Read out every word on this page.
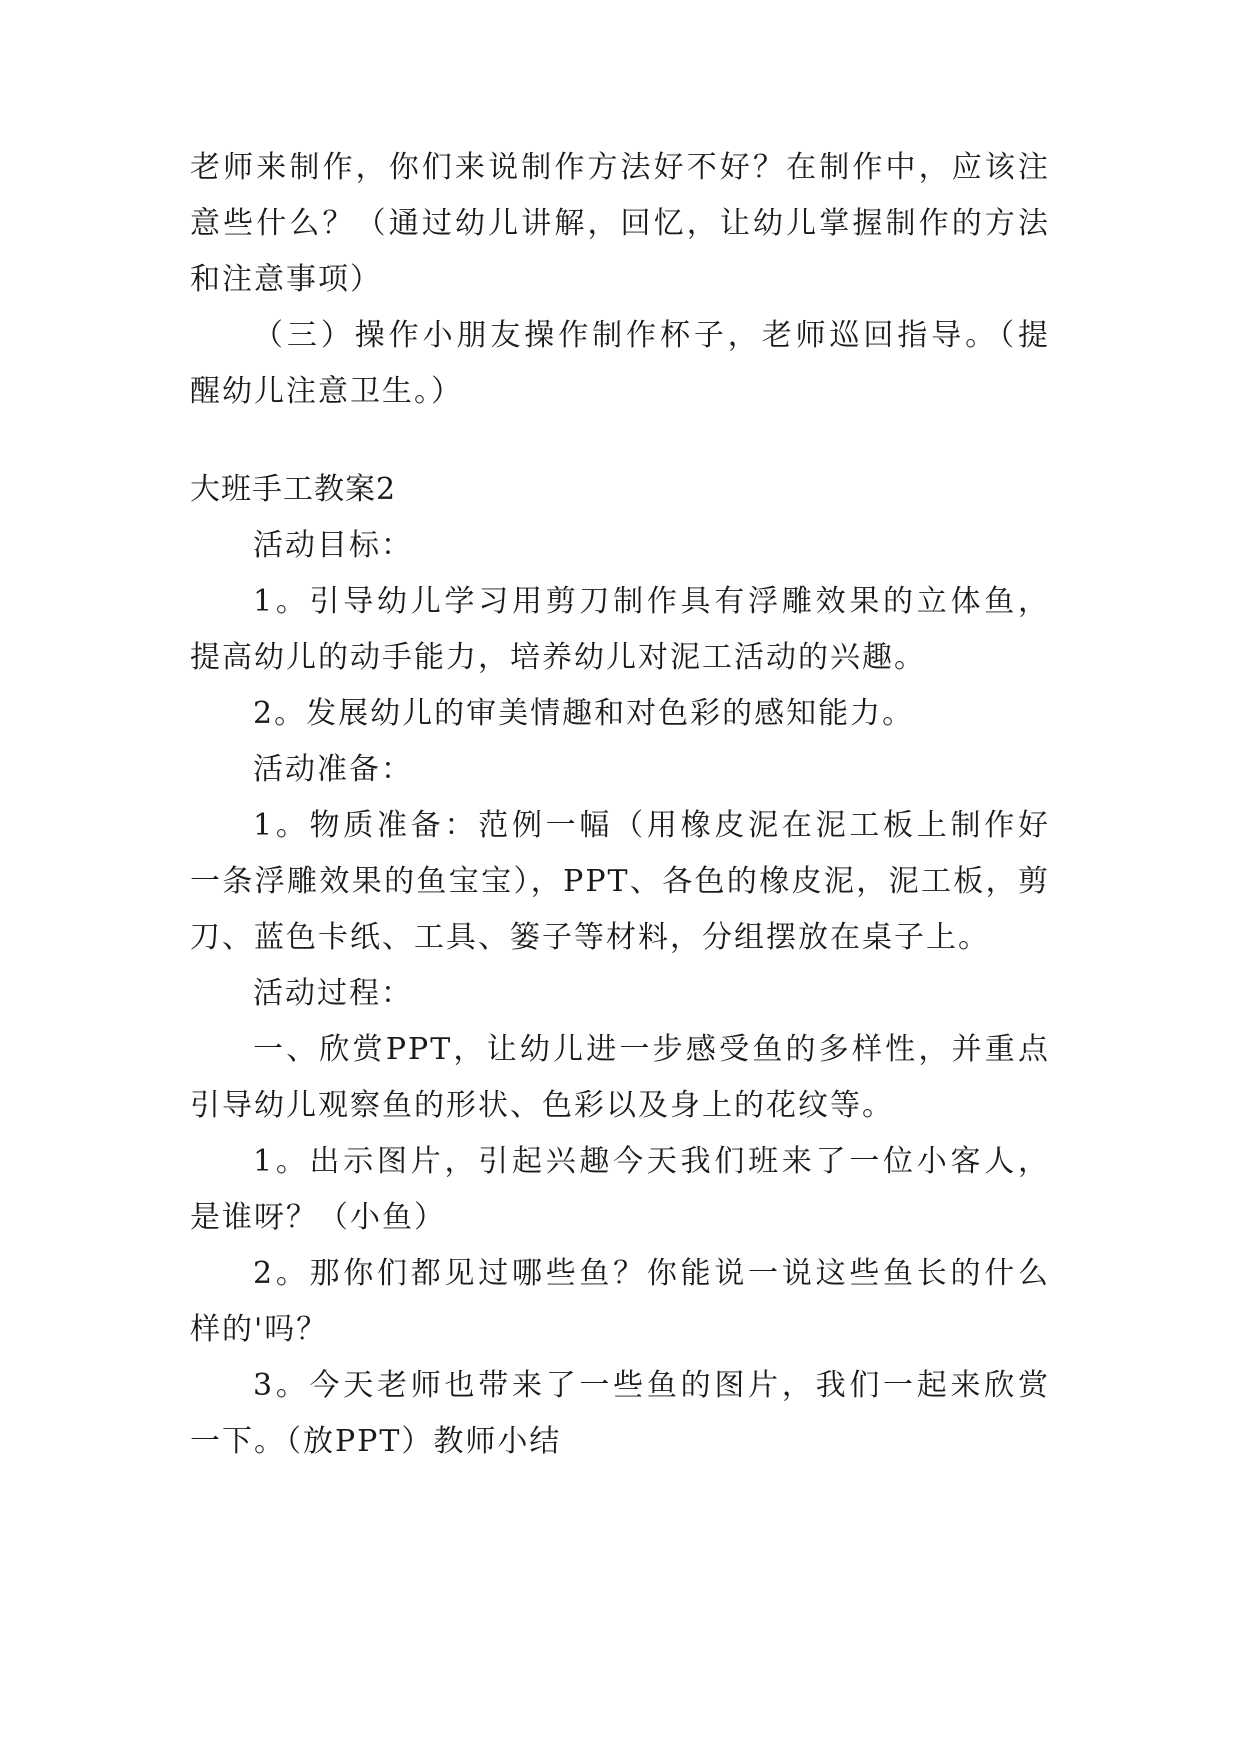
老师来制作，你们来说制作方法好不好？在制作中，应该注
意些什么？（通过幼儿讲解，回忆，让幼儿掌握制作的方法
和注意事项）
（三）操作小朋友操作制作杯子，老师巡回指导。（提
醒幼儿注意卫生。）
大班手工教案2
活动目标：
1。引导幼儿学习用剪刀制作具有浮雕效果的立体鱼，
提高幼儿的动手能力，培养幼儿对泥工活动的兴趣。
2。发展幼儿的审美情趣和对色彩的感知能力。
活动准备：
1。物质准备：范例一幅（用橡皮泥在泥工板上制作好
一条浮雕效果的鱼宝宝），PPT、各色的橡皮泥，泥工板，剪
刀、蓝色卡纸、工具、篓子等材料，分组摆放在桌子上。
活动过程：
一、欣赏PPT，让幼儿进一步感受鱼的多样性，并重点
引导幼儿观察鱼的形状、色彩以及身上的花纹等。
1。出示图片，引起兴趣今天我们班来了一位小客人，
是谁呀？（小鱼）
2。那你们都见过哪些鱼？你能说一说这些鱼长的什么
样的'吗？
3。今天老师也带来了一些鱼的图片，我们一起来欣赏
一下。（放PPT）教师小结
